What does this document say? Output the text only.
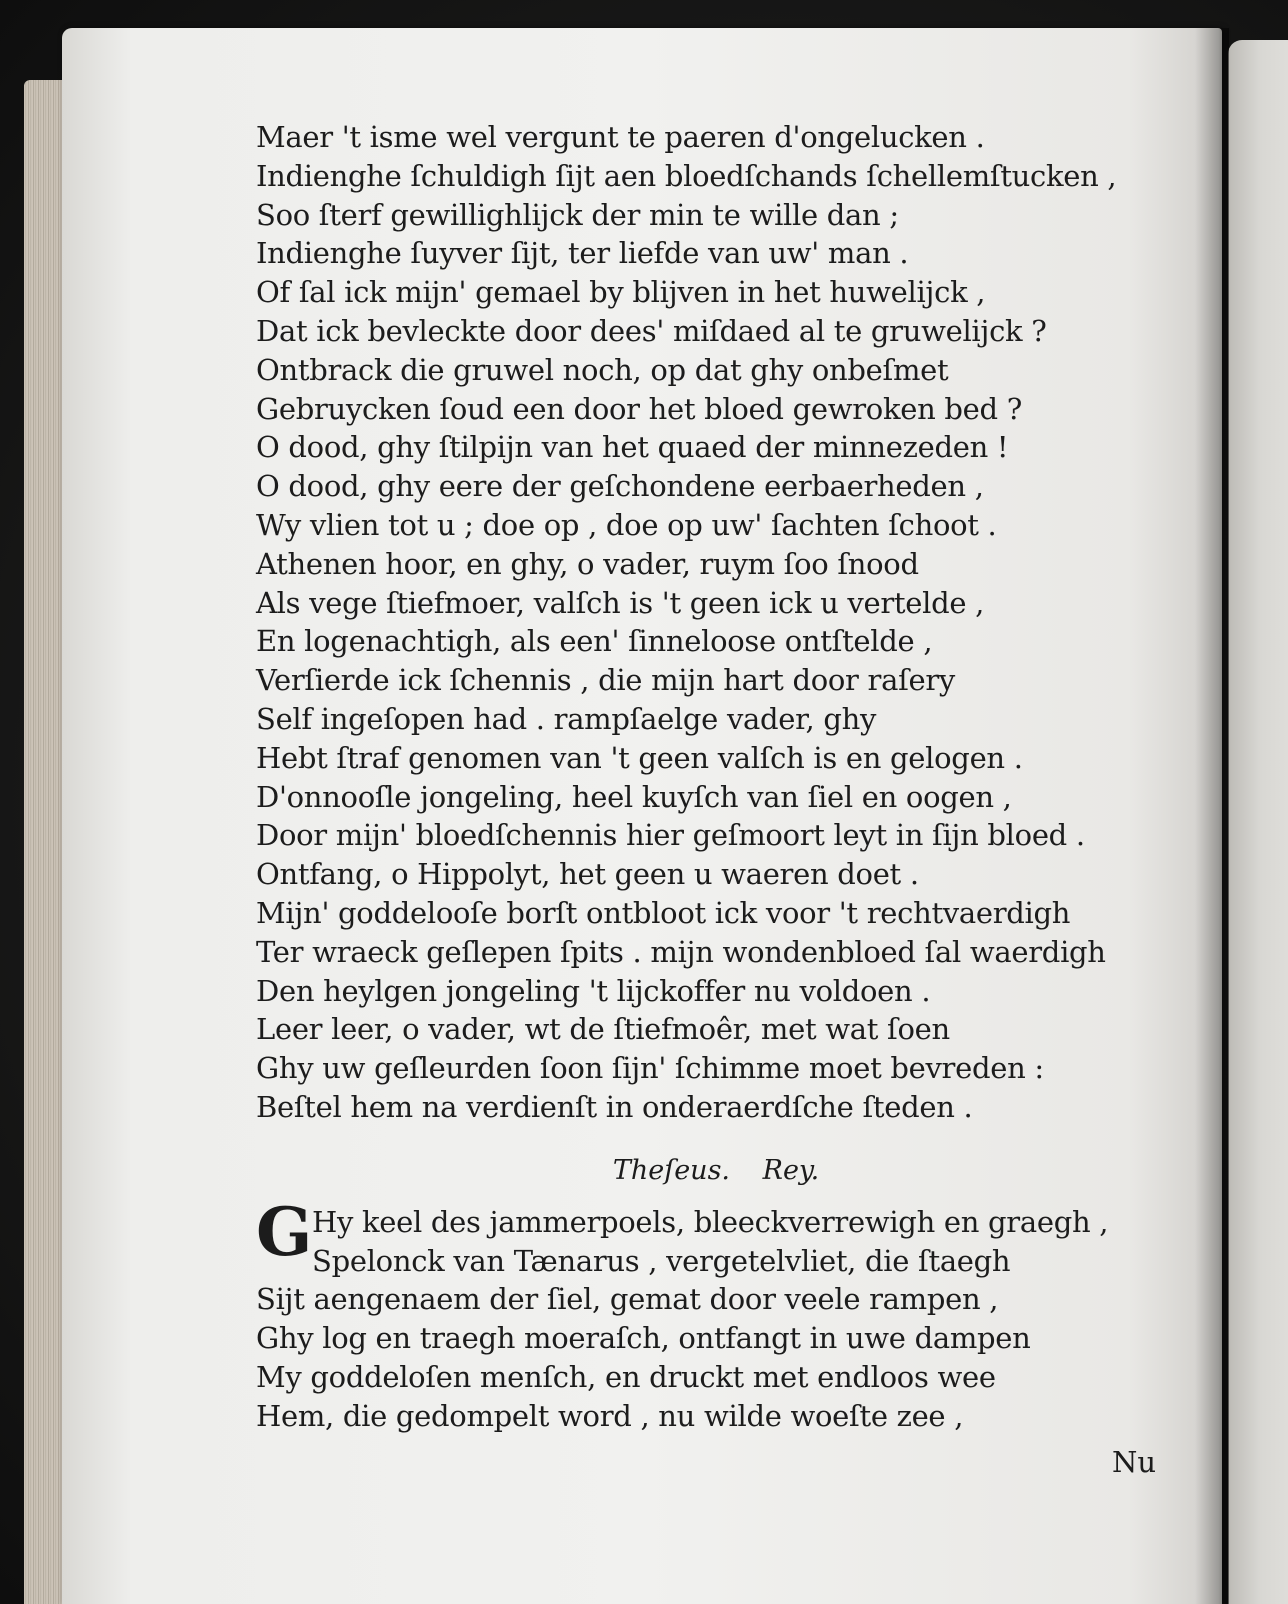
Maer 't isme wel vergunt te paeren d'ongelucken .
Indienghe ſchuldigh ſijt aen bloedſchands ſchellemſtucken ,
Soo ſterf gewillighlijck der min te wille dan ;
Indienghe ſuyver ſijt, ter liefde van uw' man .
Of ſal ick mijn' gemael by blijven in het huwelijck ,
Dat ick bevleckte door dees' miſdaed al te gruwelijck ?
Ontbrack die gruwel noch, op dat ghy onbeſmet
Gebruycken ſoud een door het bloed gewroken bed ?
O dood, ghy ſtilpijn van het quaed der minnezeden !
O dood, ghy eere der geſchondene eerbaerheden ,
Wy vlien tot u ; doe op , doe op uw' ſachten ſchoot .
Athenen hoor, en ghy, o vader, ruym ſoo ſnood
Als vege ſtiefmoer, valſch is 't geen ick u vertelde ,
En logenachtigh, als een' ſinneloose ontſtelde ,
Verſierde ick ſchennis , die mijn hart door raſery
Self ingeſopen had . rampſaelge vader, ghy
Hebt ſtraf genomen van 't geen valſch is en gelogen .
D'onnooſle jongeling, heel kuyſch van ſiel en oogen ,
Door mijn' bloedſchennis hier geſmoort leyt in ſijn bloed .
Ontfang, o Hippolyt, het geen u waeren doet .
Mijn' goddelooſe borſt ontbloot ick voor 't rechtvaerdigh
Ter wraeck geſlepen ſpits . mijn wondenbloed ſal waerdigh
Den heylgen jongeling 't lijckoffer nu voldoen .
Leer leer, o vader, wt de ſtiefmoêr, met wat ſoen
Ghy uw geſleurden ſoon ſijn' ſchimme moet bevreden :
Beſtel hem na verdienſt in onderaerdſche ſteden .
Theſeus. Rey.
G Hy keel des jammerpoels, bleeckverrewigh en graegh ,
Spelonck van Tænarus , vergetelvliet, die ſtaegh
Sijt aengenaem der ſiel, gemat door veele rampen ,
Ghy log en traegh moeraſch, ontfangt in uwe dampen
My goddeloſen menſch, en druckt met endloos wee
Hem, die gedompelt word , nu wilde woeſte zee ,
Nu
